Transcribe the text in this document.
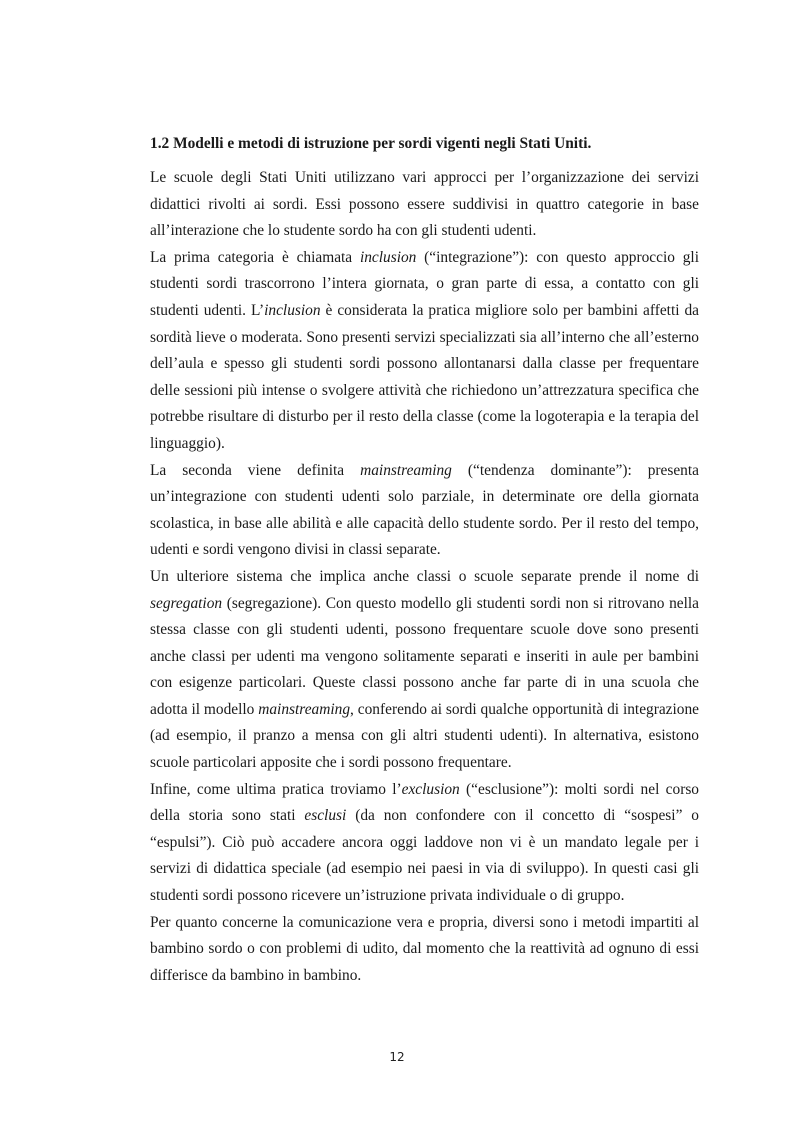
1.2 Modelli e metodi di istruzione per sordi vigenti negli Stati Uniti.

Le scuole degli Stati Uniti utilizzano vari approcci per l’organizzazione dei servizi didattici rivolti ai sordi. Essi possono essere suddivisi in quattro categorie in base all’interazione che lo studente sordo ha con gli studenti udenti.

La prima categoria è chiamata inclusion (“integrazione”): con questo approccio gli studenti sordi trascorrono l’intera giornata, o gran parte di essa, a contatto con gli studenti udenti. L’inclusion è considerata la pratica migliore solo per bambini affetti da sordità lieve o moderata. Sono presenti servizi specializzati sia all’interno che all’esterno dell’aula e spesso gli studenti sordi possono allontanarsi dalla classe per frequentare delle sessioni più intense o svolgere attività che richiedono un’attrezzatura specifica che potrebbe risultare di disturbo per il resto della classe (come la logoterapia e la terapia del linguaggio).

La seconda viene definita mainstreaming (“tendenza dominante”): presenta un’integrazione con studenti udenti solo parziale, in determinate ore della giornata scolastica, in base alle abilità e alle capacità dello studente sordo. Per il resto del tempo, udenti e sordi vengono divisi in classi separate.

Un ulteriore sistema che implica anche classi o scuole separate prende il nome di segregation (segregazione). Con questo modello gli studenti sordi non si ritrovano nella stessa classe con gli studenti udenti, possono frequentare scuole dove sono presenti anche classi per udenti ma vengono solitamente separati e inseriti in aule per bambini con esigenze particolari. Queste classi possono anche far parte di in una scuola che adotta il modello mainstreaming, conferendo ai sordi qualche opportunità di integrazione (ad esempio, il pranzo a mensa con gli altri studenti udenti). In alternativa, esistono scuole particolari apposite che i sordi possono frequentare.

Infine, come ultima pratica troviamo l’exclusion (“esclusione”): molti sordi nel corso della storia sono stati esclusi (da non confondere con il concetto di “sospesi” o “espulsi”). Ciò può accadere ancora oggi laddove non vi è un mandato legale per i servizi di didattica speciale (ad esempio nei paesi in via di sviluppo). In questi casi gli studenti sordi possono ricevere un’istruzione privata individuale o di gruppo.

Per quanto concerne la comunicazione vera e propria, diversi sono i metodi impartiti al bambino sordo o con problemi di udito, dal momento che la reattività ad ognuno di essi differisce da bambino in bambino.

12
